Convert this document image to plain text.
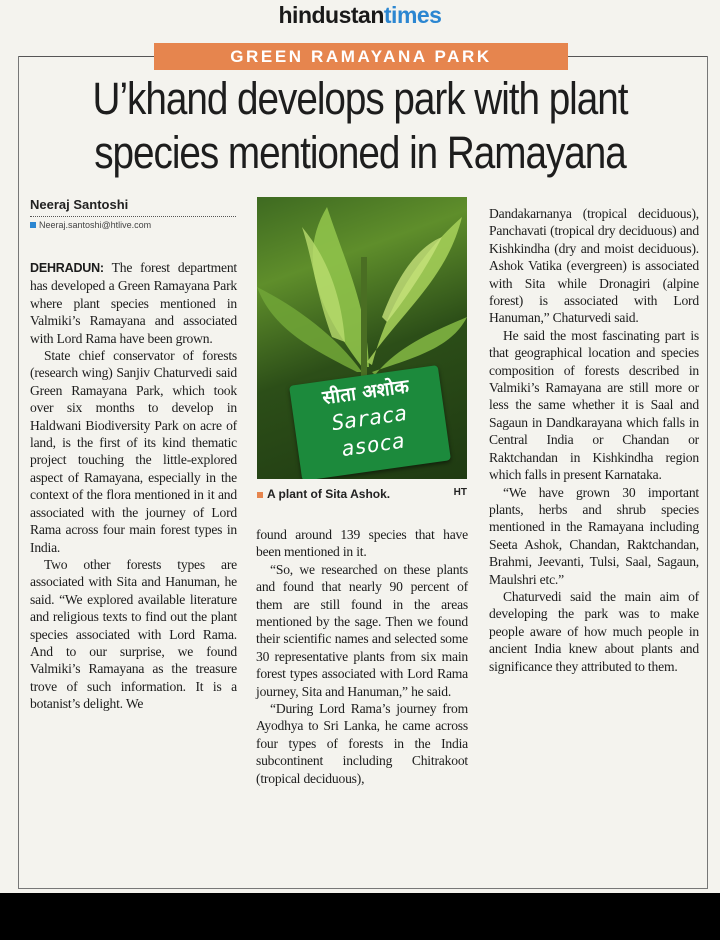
hindustantimes
GREEN RAMAYANA PARK
U’khand develops park with plant
species mentioned in Ramayana
Neeraj Santoshi
Neeraj.santoshi@htlive.com

DEHRADUN: The forest department has developed a Green Ramayana Park where plant species mentioned in Valmiki’s Ramayana and associated with Lord Rama have been grown.

State chief conservator of forests (research wing) Sanjiv Chaturvedi said Green Ramayana Park, which took over six months to develop in Haldwani Biodiversity Park on acre of land, is the first of its kind thematic project touching the little-explored aspect of Ramayana, especially in the context of the flora mentioned in it and associated with the journey of Lord Rama across four main forest types in India.

Two other forests types are associated with Sita and Hanuman, he said. “We explored available literature and religious texts to find out the plant species associated with Lord Rama. And to our surprise, we found Valmiki’s Ramayana as the treasure trove of such information. It is a botanist’s delight. We

सीता अशोक
Saraca
asoca
A plant of Sita Ashok.	HT

found around 139 species that have been mentioned in it.

“So, we researched on these plants and found that nearly 90 percent of them are still found in the areas mentioned by the sage. Then we found their scientific names and selected some 30 representative plants from six main forest types associated with Lord Rama journey, Sita and Hanuman,” he said.

“During Lord Rama’s journey from Ayodhya to Sri Lanka, he came across four types of forests in the India subcontinent including Chitrakoot (tropical deciduous),

Dandakarnanya (tropical deciduous), Panchavati (tropical dry deciduous) and Kishkindha (dry and moist deciduous). Ashok Vatika (evergreen) is associated with Sita while Dronagiri (alpine forest) is associated with Lord Hanuman,” Chaturvedi said.

He said the most fascinating part is that geographical location and species composition of forests described in Valmiki’s Ramayana are still more or less the same whether it is Saal and Sagaun in Dandkarayana which falls in Central India or Chandan or Raktchandan in Kishkindha region which falls in present Karnataka.

“We have grown 30 important plants, herbs and shrub species mentioned in the Ramayana including Seeta Ashok, Chandan, Raktchandan, Brahmi, Jeevanti, Tulsi, Saal, Sagaun, Maulshri etc.”

Chaturvedi said the main aim of developing the park was to make people aware of how much people in ancient India knew about plants and significance they attributed to them.
